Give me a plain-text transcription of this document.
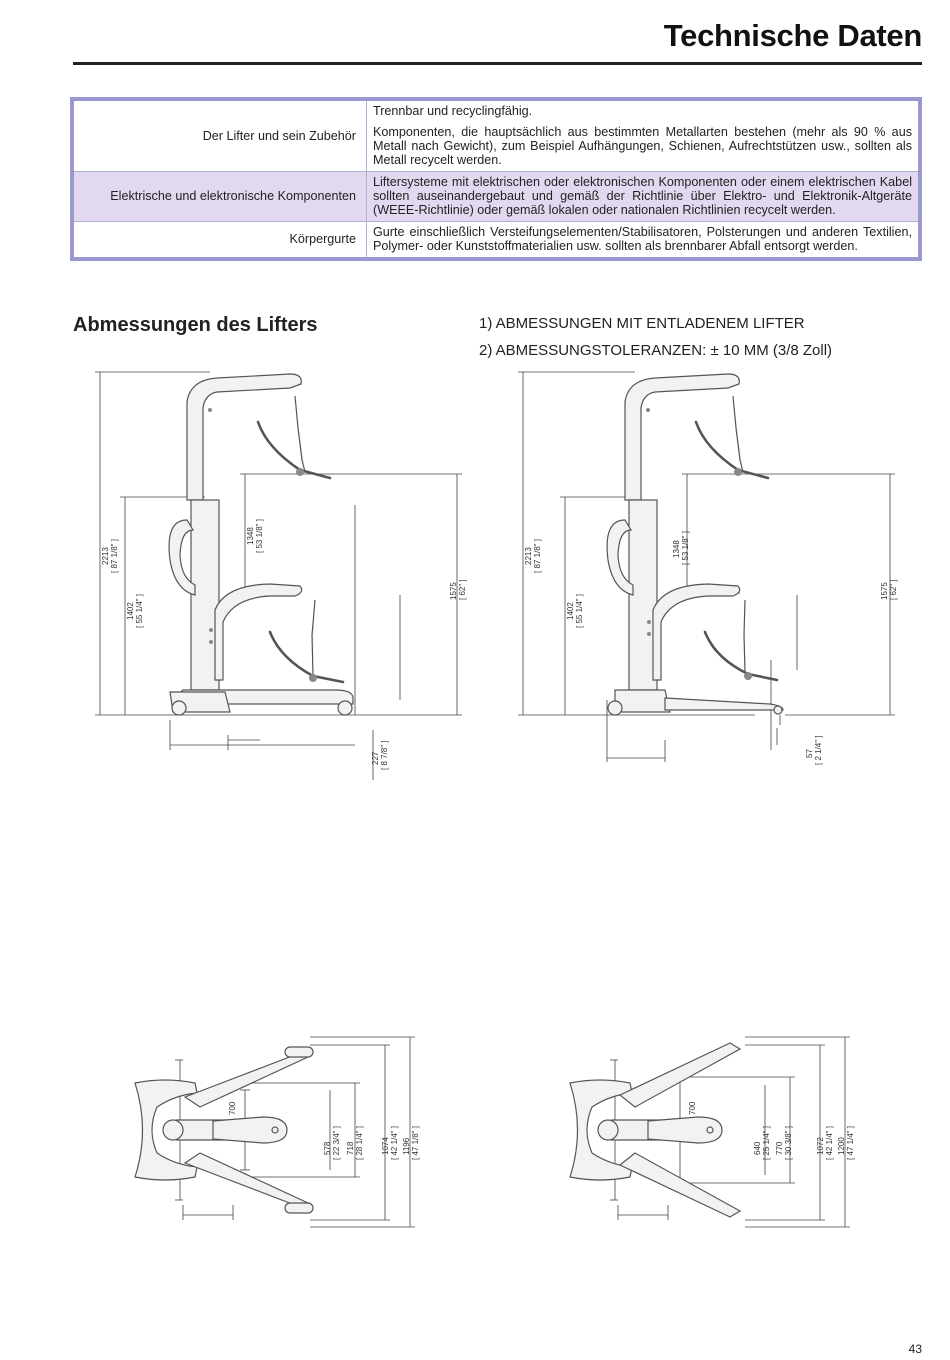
Technische Daten
Der Lifter und sein Zubehör	Trennbar und recyclingfähig.

Komponenten, die hauptsächlich aus bestimmten Metallarten bestehen (mehr als 90 % aus Metall nach Gewicht), zum Beispiel Aufhängungen, Schienen, Aufrechtstützen usw., sollten als Metall recycelt werden.

Elektrische und elektronische Komponenten	Liftersysteme mit elektrischen oder elektronischen Komponenten oder einem elektrischen Kabel sollten auseinandergebaut und gemäß der Richtlinie über Elektro- und Elektronik-Altgeräte (WEEE-Richtlinie) oder gemäß lokalen oder nationalen Richtlinien recycelt werden.

Körpergurte	Gurte einschließlich Versteifungselementen/Stabilisatoren, Polsterungen und anderen Textilien, Polymer- oder Kunststoffmaterialien usw. sollten als brennbarer Abfall entsorgt werden.

Abmessungen des Lifters	1) ABMESSUNGEN MIT ENTLADENEM LIFTER
2) ABMESSUNGSTOLERANZEN: ± 10 MM (3/8 Zoll)
2213 [ 87 1/8" ]
1402 [ 55 1/4" ]
1348 [ 53 1/8" ]
1575 [ 62" ]
227 [ 8 7/8" ]
2213 [ 87 1/8" ]
1402 [ 55 1/4" ]
1348 [ 53 1/8" ]
1575 [ 62" ]
57 [ 2 1/4" ]
700
578 [ 22 3/4" ] 718 [ 28 1/4" ] 1074 [ 42 1/4" ] 1196 [ 47 1/8" ]
700
640 [ 25 1/4" ] 770 [ 30 3/8" ]	1072 [ 42 1/4" ] 1200 [ 47 1/4" ]
43
